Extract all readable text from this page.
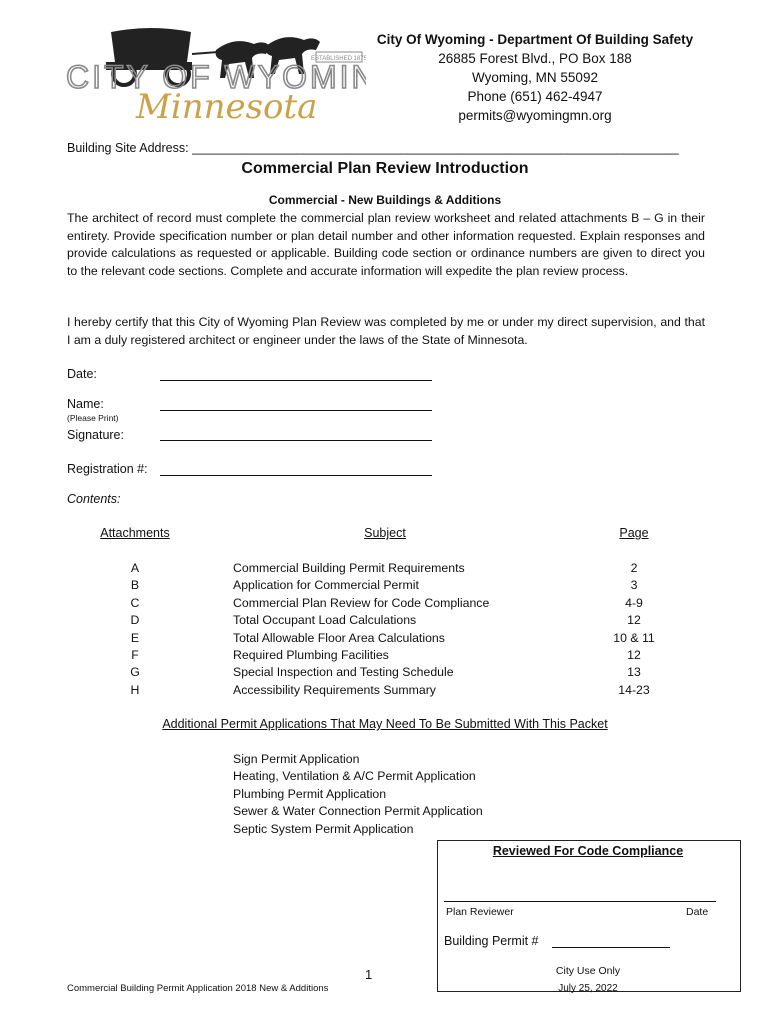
ESTABLISHED 1875
CITY OF WYOMI
Minnesota
City Of Wyoming - Department Of Building Safety
26885 Forest Blvd., PO Box 188
Wyoming, MN 55092
Phone (651) 462-4947
permits@wyomingmn.org
Building Site Address: ______________________________________________________________________
Commercial Plan Review Introduction
Commercial - New Buildings & Additions
The architect of record must complete the commercial plan review worksheet and related attachments B – G in their entirety. Provide specification number or plan detail number and other information requested. Explain responses and provide calculations as requested or applicable. Building code section or ordinance numbers are given to direct you to the relevant code sections. Complete and accurate information will expedite the plan review process.
I hereby certify that this City of Wyoming Plan Review was completed by me or under my direct supervision, and that I am a duly registered architect or engineer under the laws of the State of Minnesota.
Date:
Name:
(Please Print)
Signature:
Registration #:
Contents:
Attachments	Subject	Page
A	Commercial Building Permit Requirements	2
B	Application for Commercial Permit	3
C	Commercial Plan Review for Code Compliance	4-9
D	Total Occupant Load Calculations	12
E	Total Allowable Floor Area Calculations	10 & 11
F	Required Plumbing Facilities	12
G	Special Inspection and Testing Schedule	13
H	Accessibility Requirements Summary	14-23
Additional Permit Applications That May Need To Be Submitted With This Packet
Sign Permit Application
Heating, Ventilation & A/C Permit Application
Plumbing Permit Application
Sewer & Water Connection Permit Application
Septic System Permit Application
Reviewed For Code Compliance
Plan Reviewer	Date
Building Permit #
City Use Only
July 25, 2022
1
Commercial Building Permit Application 2018 New & Additions
